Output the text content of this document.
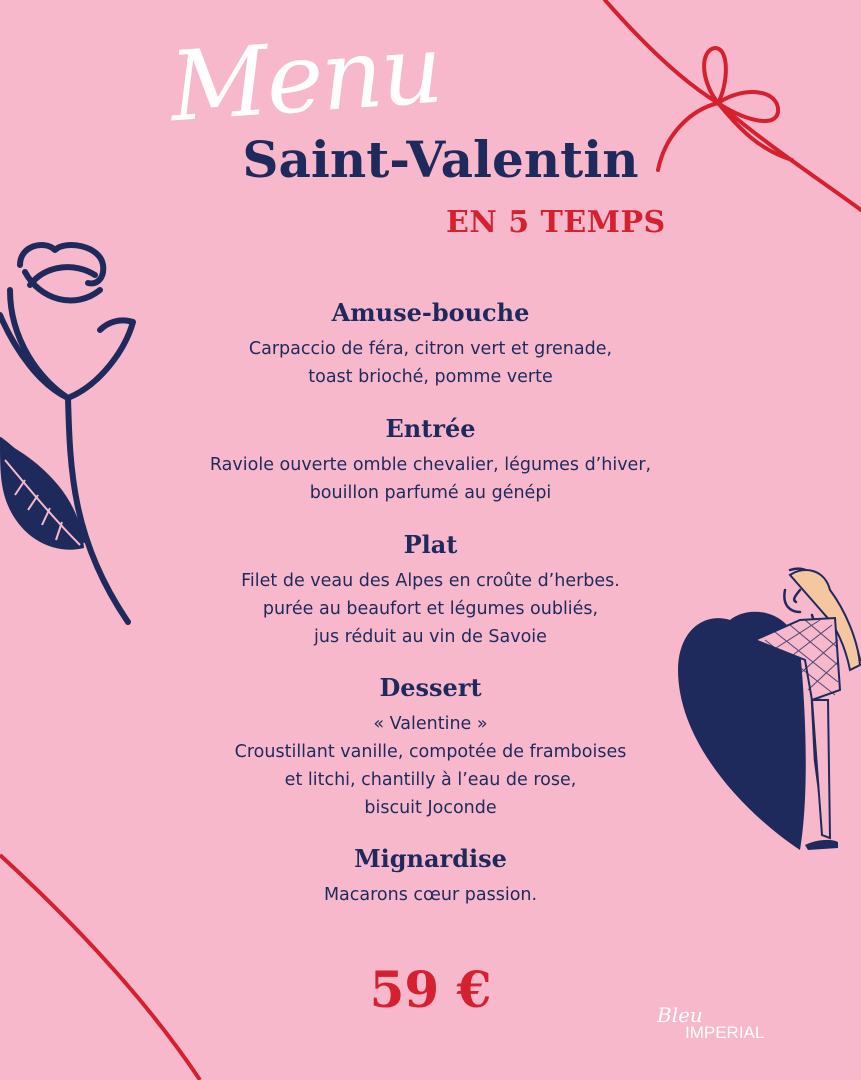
Menu
Saint-Valentin
EN 5 TEMPS
Amuse-bouche
Carpaccio de féra, citron vert et grenade,
toast brioché, pomme verte
Entrée
Raviole ouverte omble chevalier, légumes d’hiver,
bouillon parfumé au génépi
Plat
Filet de veau des Alpes en croûte d’herbes.
purée au beaufort et légumes oubliés,
jus réduit au vin de Savoie
Dessert
« Valentine »
Croustillant vanille, compotée de framboises
et litchi, chantilly à l’eau de rose,
biscuit Joconde
Mignardise
Macarons cœur passion.
59 €	Bleu
IMPERIAL
